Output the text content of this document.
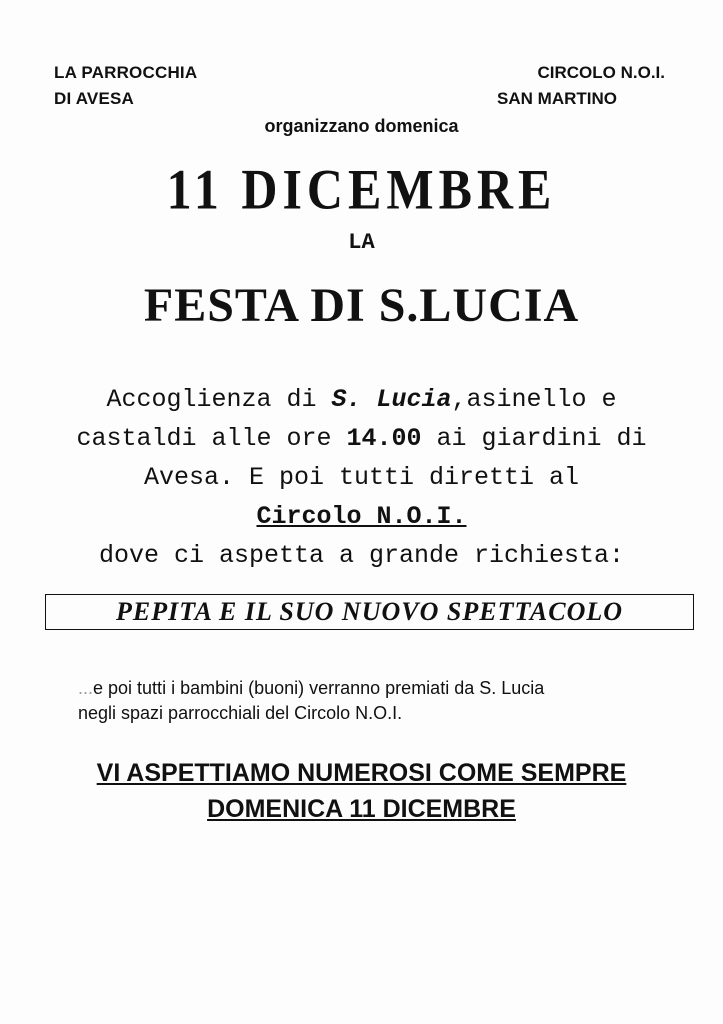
LA PARROCCHIA
DI AVESA
CIRCOLO N.O.I.

SAN MARTINO
organizzano domenica
11 DICEMBRE
LA
FESTA DI S.LUCIA
Accoglienza di S. Lucia,asinello e
castaldi alle ore 14.00 ai giardini di
Avesa. E poi tutti diretti al
Circolo N.O.I.
dove ci aspetta a grande richiesta:
PEPITA E IL SUO NUOVO SPETTACOLO
...e poi tutti i bambini (buoni) verranno premiati da S. Lucia
negli spazi parrocchiali del Circolo N.O.I.
VI ASPETTIAMO NUMEROSI COME SEMPRE
DOMENICA 11 DICEMBRE
